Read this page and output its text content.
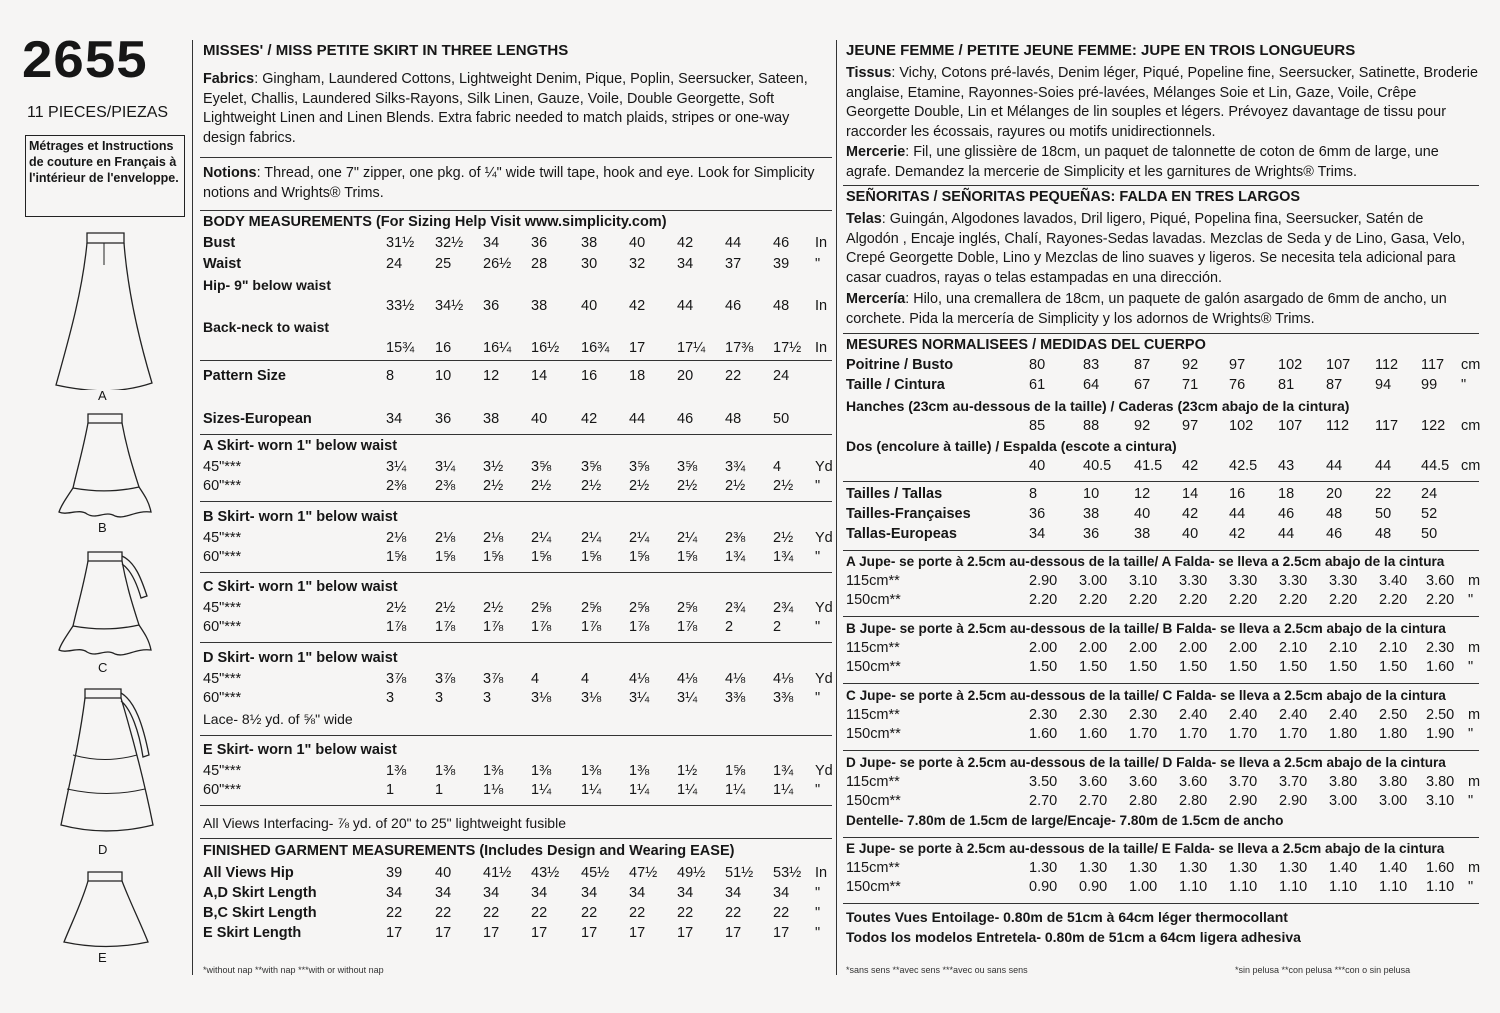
2655
11 PIECES/PIEZAS
Métrages et Instructions de couture en Français à l'intérieur de l'enveloppe.
A
B
C
D
E
MISSES' / MISS PETITE SKIRT IN THREE LENGTHS
Fabrics: Gingham, Laundered Cottons, Lightweight Denim, Pique, Poplin, Seersucker, Sateen, Eyelet, Challis, Laundered Silks-Rayons, Silk Linen, Gauze, Voile, Double Georgette, Soft Lightweight Linen and Linen Blends. Extra fabric needed to match plaids, stripes or one-way design fabrics.
Notions: Thread, one 7" zipper, one pkg. of ¼" wide twill tape, hook and eye. Look for Simplicity notions and Wrights® Trims.
BODY MEASUREMENTS (For Sizing Help Visit www.simplicity.com)
Bust	31½ 32½ 34 36 38 40 42 44 46 In
Waist	24 25 26½ 28 30 32 34 37 39 "
Hip- 9" below waist
33½ 34½ 36 38 40 42 44 46 48 In
Back-neck to waist
15¾ 16 16¼ 16½ 16¾ 17 17¼ 17⅜ 17½ In
Pattern Size	8	10 12 14 16 18 20 22 24
Sizes-European	34 36 38 40 42 44 46 48 50
A Skirt- worn 1" below waist
45"***	3¼ 3¼ 3½ 3⅝ 3⅝ 3⅝ 3⅝ 3¾ 4 Yd
60"***	2⅜ 2⅜ 2½ 2½ 2½ 2½ 2½ 2½ 2½ "
B Skirt- worn 1" below waist
45"***	2⅛ 2⅛ 2⅛ 2¼ 2¼ 2¼ 2¼ 2⅜ 2½ Yd
60"***	1⅝ 1⅝ 1⅝ 1⅝ 1⅝ 1⅝ 1⅝ 1¾ 1¾ "
C Skirt- worn 1" below waist
45"***	2½ 2½ 2½ 2⅝ 2⅝ 2⅝ 2⅝ 2¾ 2¾ Yd
60"***	1⅞ 1⅞ 1⅞ 1⅞ 1⅞ 1⅞ 1⅞ 2	2 "
D Skirt- worn 1" below waist
45"***	3⅞ 3⅞ 3⅞ 4	4	4⅛ 4⅛ 4⅛ 4⅛ Yd
60"***	3	3	3	3⅛ 3⅛ 3¼ 3¼ 3⅜ 3⅜ "
Lace- 8½ yd. of ⅝" wide
E Skirt- worn 1" below waist
45"***	1⅜ 1⅜ 1⅜ 1⅜ 1⅜ 1⅜ 1½ 1⅝ 1¾ Yd
60"***	1	1	1⅛ 1¼ 1¼ 1¼ 1¼ 1¼ 1¼ "
All Views Interfacing- ⅞ yd. of 20" to 25" lightweight fusible
FINISHED GARMENT MEASUREMENTS (Includes Design and Wearing EASE)
All Views Hip	39 40 41½ 43½ 45½ 47½ 49½ 51½ 53½ In
A,D Skirt Length	34 34 34 34 34 34 34 34 34 "
B,C Skirt Length	22 22 22 22 22 22 22 22 22 "
E Skirt Length	17 17 17 17 17 17 17 17 17 "
*without nap **with nap ***with or without nap
JEUNE FEMME / PETITE JEUNE FEMME: JUPE EN TROIS LONGUEURS
Tissus: Vichy, Cotons pré-lavés, Denim léger, Piqué, Popeline fine, Seersucker, Satinette, Broderie anglaise, Etamine, Rayonnes-Soies pré-lavées, Mélanges Soie et Lin, Gaze, Voile, Crêpe Georgette Double, Lin et Mélanges de lin souples et légers. Prévoyez davantage de tissu pour raccorder les écossais, rayures ou motifs unidirectionnels.
Mercerie: Fil, une glissière de 18cm, un paquet de talonnette de coton de 6mm de large, une agrafe. Demandez la mercerie de Simplicity et les garnitures de Wrights® Trims.
SEÑORITAS / SEÑORITAS PEQUEÑAS: FALDA EN TRES LARGOS
Telas: Guingán, Algodones lavados, Dril ligero, Piqué, Popelina fina, Seersucker, Satén de Algodón , Encaje inglés, Chalí, Rayones-Sedas lavadas. Mezclas de Seda y de Lino, Gasa, Velo, Crepé Georgette Doble, Lino y Mezclas de lino suaves y ligeros. Se necesita tela adicional para casar cuadros, rayas o telas estampadas en una dirección.
Mercería: Hilo, una cremallera de 18cm, un paquete de galón asargado de 6mm de ancho, un corchete. Pida la mercería de Simplicity y los adornos de Wrights® Trims.
MESURES NORMALISEES / MEDIDAS DEL CUERPO
Poitrine / Busto	80	83 87 92 97 102 107 112 117 cm
Taille / Cintura	61	64 67 71 76 81 87 94 99 "
Hanches (23cm au-dessous de la taille) / Caderas (23cm abajo de la cintura)
85	88 92 97 102 107 112 117 122 cm
Dos (encolure à taille) / Espalda (escote a cintura)
40	40.5 41.5 42 42.5 43 44 44 44.5 cm
Tailles / Tallas	8	10 12 14 16 18 20 22 24
Tailles-Françaises	36	38 40 42 44 46 48 50 52
Tallas-Europeas	34	36 38 40 42 44 46 48 50
A Jupe- se porte à 2.5cm au-dessous de la taille/ A Falda- se lleva a 2.5cm abajo de la cintura
115cm**	2.90 3.00 3.10 3.30 3.30 3.30 3.30 3.40 3.60 m
150cm**	2.20 2.20 2.20 2.20 2.20 2.20 2.20 2.20 2.20 "
B Jupe- se porte à 2.5cm au-dessous de la taille/ B Falda- se lleva a 2.5cm abajo de la cintura
115cm**	2.00 2.00 2.00 2.00 2.00 2.10 2.10 2.10 2.30 m
150cm**	1.50 1.50 1.50 1.50 1.50 1.50 1.50 1.50 1.60 "
C Jupe- se porte à 2.5cm au-dessous de la taille/ C Falda- se lleva a 2.5cm abajo de la cintura
115cm**	2.30 2.30 2.30 2.40 2.40 2.40 2.40 2.50 2.50 m
150cm**	1.60 1.60 1.70 1.70 1.70 1.70 1.80 1.80 1.90 "
D Jupe- se porte à 2.5cm au-dessous de la taille/ D Falda- se lleva a 2.5cm abajo de la cintura
115cm**	3.50 3.60 3.60 3.60 3.70 3.70 3.80 3.80 3.80 m
150cm**	2.70 2.70 2.80 2.80 2.90 2.90 3.00 3.00 3.10 "
Dentelle- 7.80m de 1.5cm de large/Encaje- 7.80m de 1.5cm de ancho
E Jupe- se porte à 2.5cm au-dessous de la taille/ E Falda- se lleva a 2.5cm abajo de la cintura
115cm**	1.30 1.30 1.30 1.30 1.30 1.30 1.40 1.40 1.60 m
150cm**	0.90 0.90 1.00 1.10 1.10 1.10 1.10 1.10 1.10 "
Toutes Vues Entoilage- 0.80m de 51cm à 64cm léger thermocollant
Todos los modelos Entretela- 0.80m de 51cm a 64cm ligera adhesiva
*sans sens **avec sens ***avec ou sans sens	*sin pelusa **con pelusa ***con o sin pelusa
